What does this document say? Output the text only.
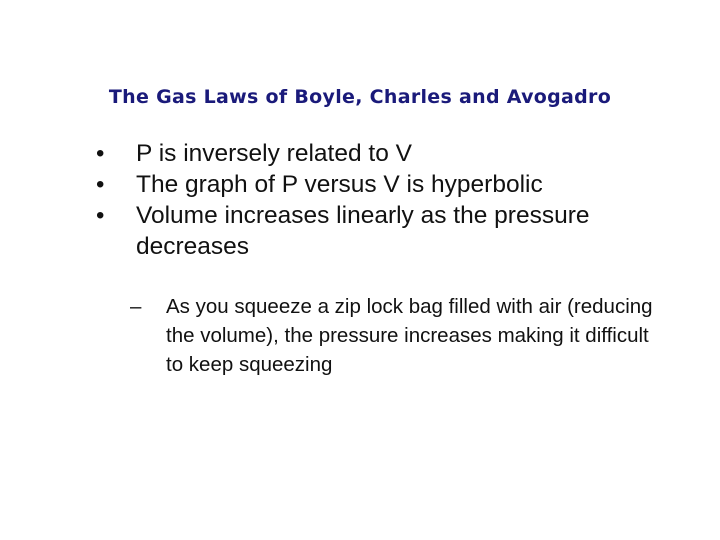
The Gas Laws of Boyle, Charles and Avogadro
• P is inversely related to V
• The graph of P versus V is hyperbolic
• Volume increases linearly as the pressure decreases
– As you squeeze a zip lock bag filled with air (reducing the volume), the pressure increases making it difficult to keep squeezing
